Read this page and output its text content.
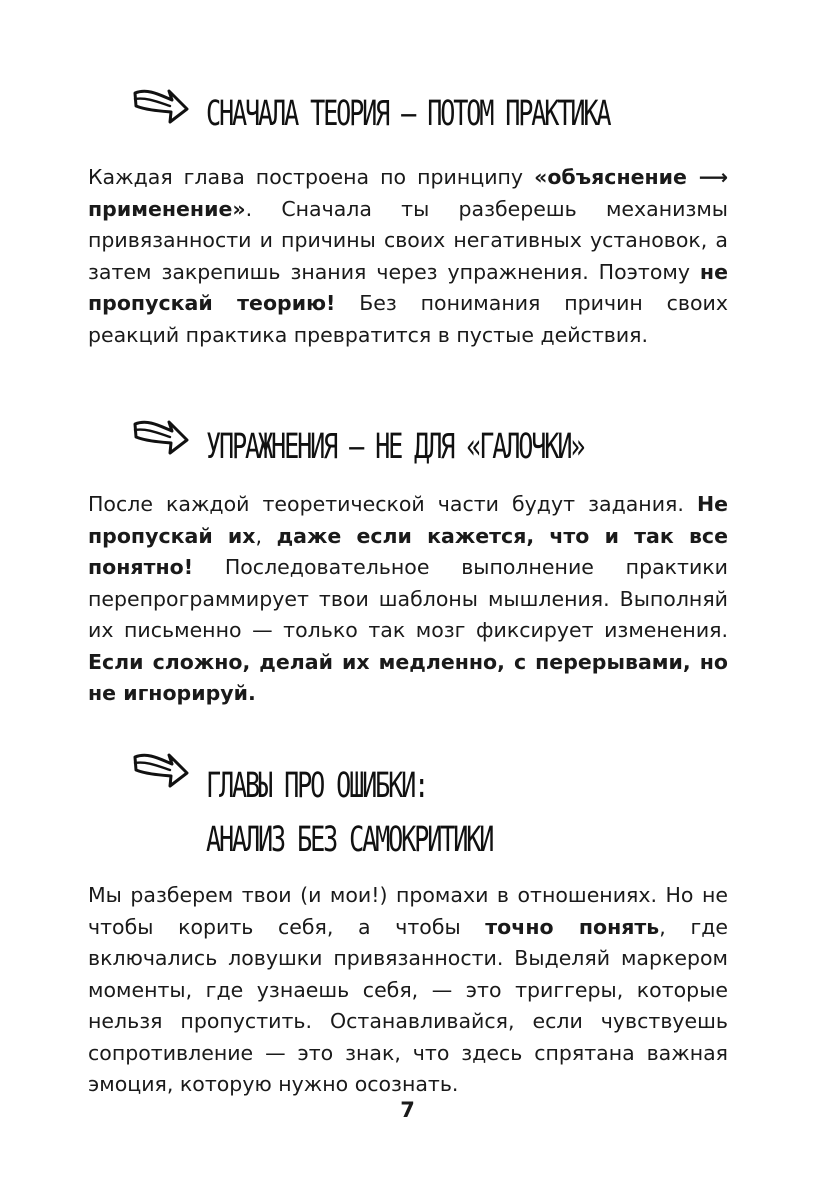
СНАЧАЛА ТЕОРИЯ — ПОТОМ ПРАКТИКА

Каждая глава построена по принципу «объяснение ⟶ применение». Сначала ты разберешь механизмы привязанности и причины своих негативных установок, а затем закрепишь знания через упражнения. Поэтому не пропускай теорию! Без понимания причин своих реакций практика превратится в пустые действия.

УПРАЖНЕНИЯ — НЕ ДЛЯ «ГАЛОЧКИ»

После каждой теоретической части будут задания. Не пропускай их, даже если кажется, что и так все понятно! Последовательное выполнение практики перепрограммирует твои шаблоны мышления. Выполняй их письменно — только так мозг фиксирует изменения. Если сложно, делай их медленно, с перерывами, но не игнорируй.

ГЛАВЫ ПРО ОШИБКИ:
АНАЛИЗ БЕЗ САМОКРИТИКИ

Мы разберем твои (и мои!) промахи в отношениях. Но не чтобы корить себя, а чтобы точно понять, где включались ловушки привязанности. Выделяй маркером моменты, где узнаешь себя, — это триггеры, которые нельзя пропустить. Останавливайся, если чувствуешь сопротивление — это знак, что здесь спрятана важная эмоция, которую нужно осознать.

7
